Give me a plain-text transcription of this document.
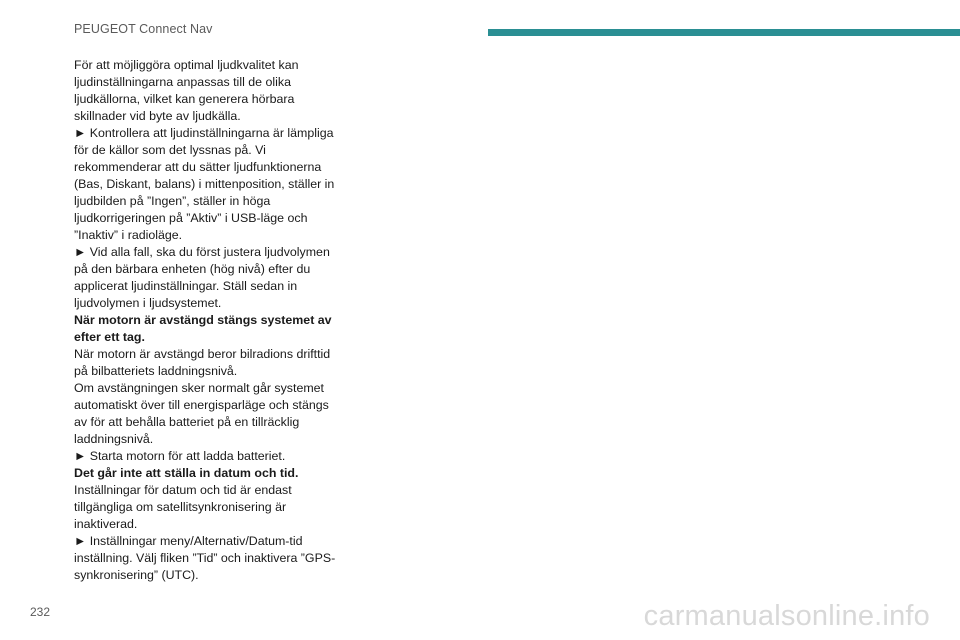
PEUGEOT Connect Nav

För att möjliggöra optimal ljudkvalitet kan ljudinställningarna anpassas till de olika ljudkällorna, vilket kan generera hörbara skillnader vid byte av ljudkälla.

► Kontrollera att ljudinställningarna är lämpliga för de källor som det lyssnas på. Vi rekommenderar att du sätter ljudfunktionerna (Bas, Diskant, balans) i mittenposition, ställer in ljudbilden på ”Ingen”, ställer in höga ljudkorrigeringen på ”Aktiv” i USB-läge och ”Inaktiv” i radioläge.

► Vid alla fall, ska du först justera ljudvolymen på den bärbara enheten (hög nivå) efter du applicerat ljudinställningar. Ställ sedan in ljudvolymen i ljudsystemet.

När motorn är avstängd stängs systemet av efter ett tag.

När motorn är avstängd beror bilradions drifttid på bilbatteriets laddningsnivå.

Om avstängningen sker normalt går systemet automatiskt över till energisparläge och stängs av för att behålla batteriet på en tillräcklig laddningsnivå.

► Starta motorn för att ladda batteriet.

Det går inte att ställa in datum och tid.

Inställningar för datum och tid är endast tillgängliga om satellitsynkronisering är inaktiverad.

► Inställningar meny/Alternativ/Datum-tid inställning. Välj fliken ”Tid” och inaktivera ”GPS-synkronisering” (UTC).

232	carmanualsonline.info
